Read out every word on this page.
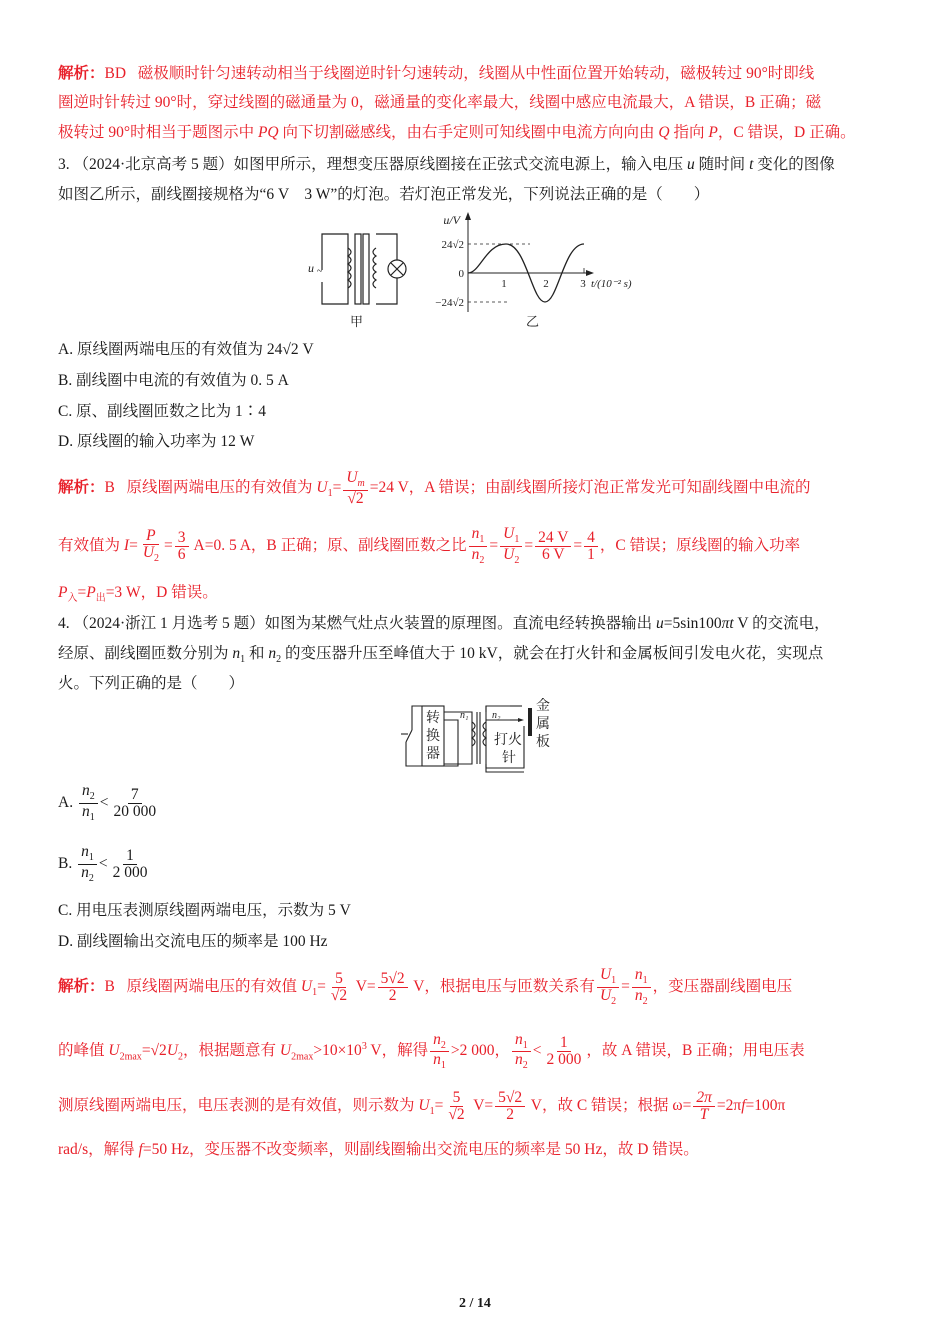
解析：BD 磁极顺时针匀速转动相当于线圈逆时针匀速转动，线圈从中性面位置开始转动，磁极转过 90°时即线
圈逆时针转过 90°时，穿过线圈的磁通量为 0，磁通量的变化率最大，线圈中感应电流最大，A 错误，B 正确；磁
极转过 90°时相当于题图示中 PQ 向下切割磁感线，由右手定则可知线圈中电流方向向由 Q 指向 P，C 错误，D 正确。
3. （2024·北京高考 5 题）如图甲所示，理想变压器原线圈接在正弦式交流电源上，输入电压 u 随时间 t 变化的图像
如图乙所示，副线圈接规格为“6 V　3 W”的灯泡。若灯泡正常发光，下列说法正确的是（　　）
u ~
甲
u/V
24√2
0
−24√2
1	2	3 t/(10⁻² s)
乙
A. 原线圈两端电压的有效值为 24√2 V
B. 副线圈中电流的有效值为 0. 5 A
C. 原、副线圈匝数之比为 1∶4
D. 原线圈的输入功率为 12 W
解析：B 原线圈两端电压的有效值为 $U_1= \frac{U_m}{√2} =24$ V，A 错误；由副线圈所接灯泡正常发光可知副线圈中电流的
有效值为 $I= \frac{P}{U_2} = \frac{3}{6} A=0$. 5 A，B 正确；原、副线圈匝数之比 $\frac{n_1}{n_2} = \frac{U_1}{U_2} = \frac{24 V}{6 V} = \frac{4}{1}$ ，C 错误；原线圈的输入功率
$P_入=P_出=3$ W，D 错误。
4. （2024·浙江 1 月选考 5 题）如图为某燃气灶点火装置的原理图。直流电经转换器输出 u=5sin100πt V 的交流电，
经原、副线圈匝数分别为 $n_1$ 和 $n_2$ 的变压器升压至峰值大于 10 kV，就会在打火针和金属板间引发电火花，实现点
火。下列正确的是（　　）
转
换
器
n₁ n₂
打火
针
金
属
板
A. $\frac{n_2}{n_1} < \frac{7}{20 000}$
B. $\frac{n_1}{n_2} < \frac{1}{2 000}$
C. 用电压表测原线圈两端电压，示数为 5 V
D. 副线圈输出交流电压的频率是 100 Hz
解析：B 原线圈两端电压的有效值 $U_1= \frac{5}{√2} V= \frac{5√2}{2}$ V，根据电压与匝数关系有 $\frac{U_1}{U_2} = \frac{n_1}{n_2}$ ，变压器副线圈电压
的峰值 $U_{2max}=√2U_2$，根据题意有 $U_{2max}>10\times 10^3$ V，解得 $\frac{n_2}{n_1} >2$ 000， $\frac{n_1}{n_2} < \frac{1}{2 000}$ ，故 A 错误，B 正确；用电压表
测原线圈两端电压，电压表测的是有效值，则示数为 $U_1= \frac{5}{√2} V= \frac{5√2}{2}$ V，故 C 错误；根据 $\omega= \frac{2\pi}{T} =2\pi f=100\pi$
rad/s，解得 f=50 Hz，变压器不改变频率，则副线圈输出交流电压的频率是 50 Hz，故 D 错误。
2 / 14
